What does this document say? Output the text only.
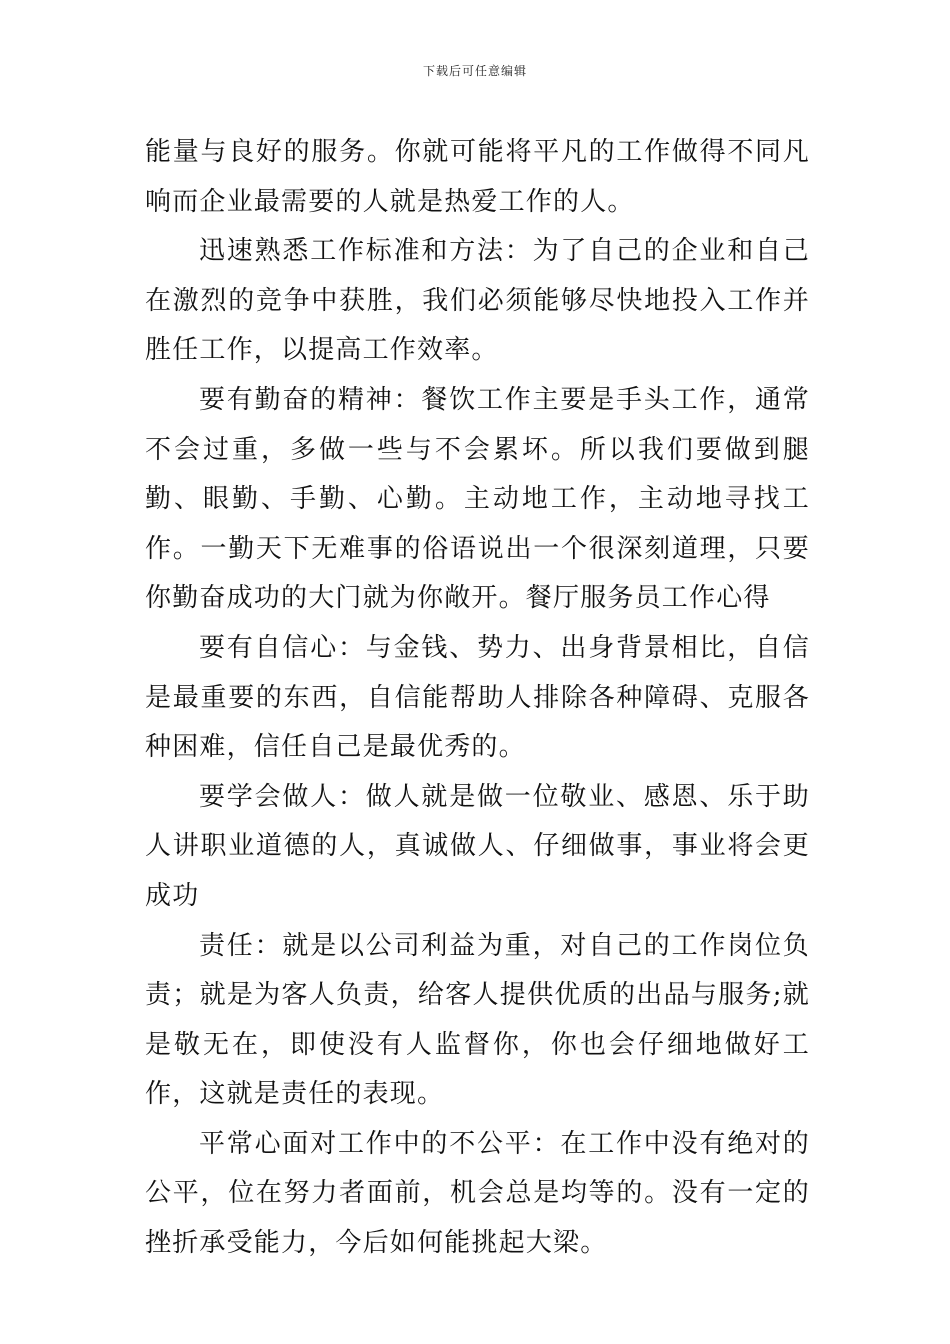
下载后可任意编辑

能量与良好的服务。你就可能将平凡的工作做得不同凡响而企业最需要的人就是热爱工作的人。

迅速熟悉工作标准和方法：为了自己的企业和自己在激烈的竞争中获胜，我们必须能够尽快地投入工作并胜任工作，以提高工作效率。

要有勤奋的精神：餐饮工作主要是手头工作，通常不会过重，多做一些与不会累坏。所以我们要做到腿勤、眼勤、手勤、心勤。主动地工作，主动地寻找工作。一勤天下无难事的俗语说出一个很深刻道理，只要你勤奋成功的大门就为你敞开。餐厅服务员工作心得

要有自信心：与金钱、势力、出身背景相比，自信是最重要的东西，自信能帮助人排除各种障碍、克服各种困难，信任自己是最优秀的。

要学会做人：做人就是做一位敬业、感恩、乐于助人讲职业道德的人，真诚做人、仔细做事，事业将会更成功

责任：就是以公司利益为重，对自己的工作岗位负责；就是为客人负责，给客人提供优质的出品与服务;就是敬无在，即使没有人监督你，你也会仔细地做好工作，这就是责任的表现。

平常心面对工作中的不公平：在工作中没有绝对的公平，位在努力者面前，机会总是均等的。没有一定的挫折承受能力，今后如何能挑起大梁。
